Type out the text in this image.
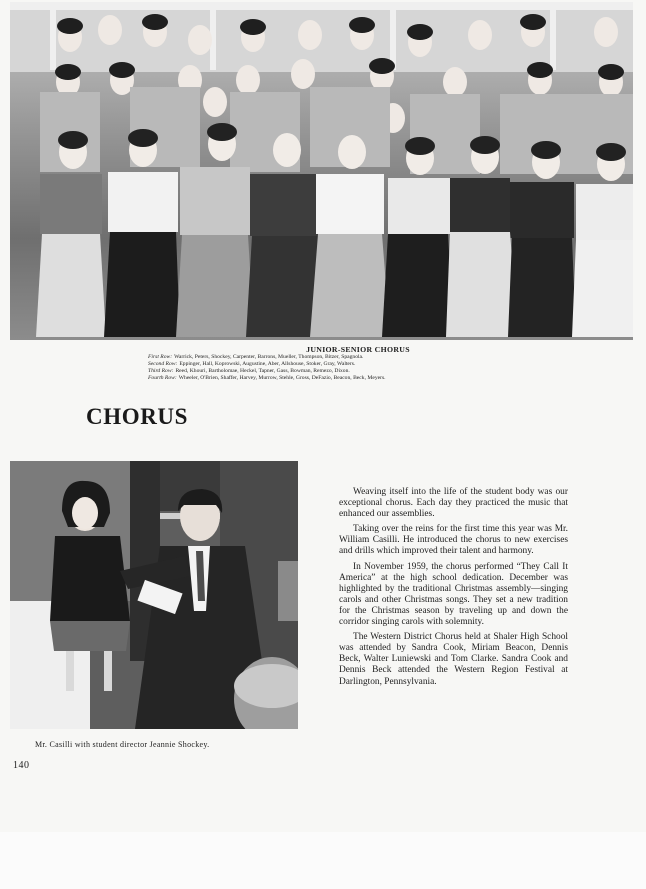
JUNIOR-SENIOR CHORUS
First Row: Warrick, Peters, Shockey, Carpenter, Barrons, Mueller, Thompson, Bitzer, Spagnola.
Second Row: Eppinger, Hall, Koprowski, Augustine, Aber, Allshouse, Stoker, Gray, Walters.
Third Row: Reed, Khouri, Bartholomae, Heckel, Tapner, Gass, Bowman, Remezo, Dixon.
Fourth Row: Wheeler, O'Brien, Shaffer, Harvey, Murrow, Stehle, Gross, DeFazio, Beacon, Beck, Meyers.
CHORUS
Mr. Casilli with student director Jeannie Shockey.
140

Weaving itself into the life of the student body was our exceptional chorus. Each day they practiced the music that enhanced our assemblies.

Taking over the reins for the first time this year was Mr. William Casilli. He introduced the chorus to new exercises and drills which improved their talent and harmony.

In November 1959, the chorus performed “They Call It America” at the high school dedication. December was highlighted by the traditional Christmas assembly—singing carols and other Christmas songs. They set a new tradition for the Christmas season by traveling up and down the corridor singing carols with solemnity.

The Western District Chorus held at Shaler High School was attended by Sandra Cook, Miriam Beacon, Dennis Beck, Walter Luniewski and Tom Clarke. Sandra Cook and Dennis Beck attended the Western Region Festival at Darlington, Pennsylvania.
